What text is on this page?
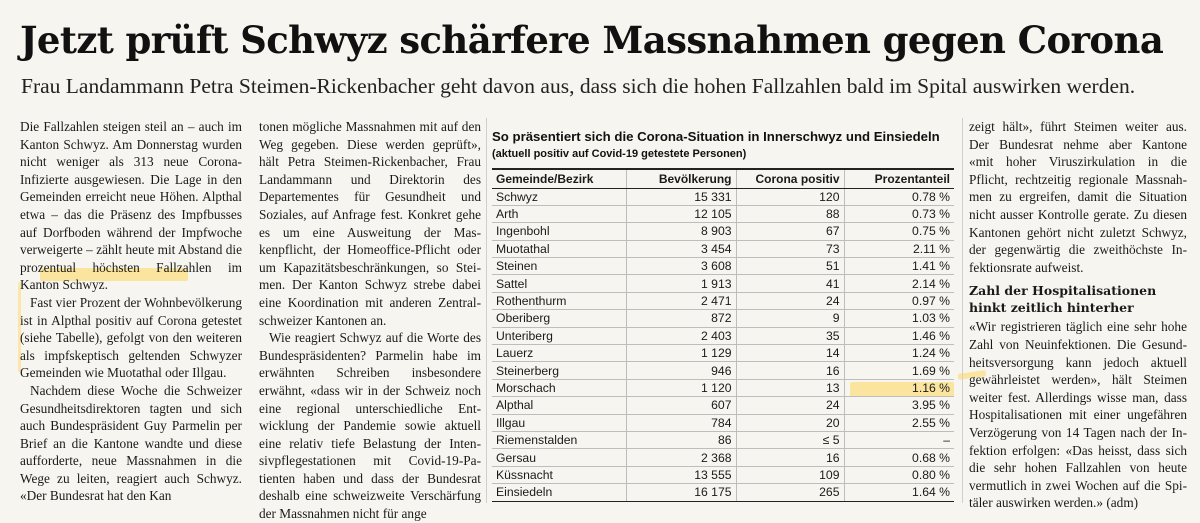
Jetzt prüft Schwyz schärfere Massnahmen gegen Corona
Frau Landammann Petra Steimen-Rickenbacher geht davon aus, dass sich die hohen Fallzahlen bald im Spital auswirken werden.

Die Fallzahlen steigen steil an – auch im Kanton Schwyz. Am Donnerstag wurden nicht weniger als 313 neue Corona-Infizierte ausgewiesen. Die Lage in den Gemeinden erreicht neue Höhen. Alpthal etwa – das die Präsenz des Impfbusses auf Dorfboden während der Impfwoche verweigerte – zählt heute mit Abstand die prozentual höchsten Fallzahlen im Kanton Schwyz.

Fast vier Prozent der Wohnbevölkerung ist in Alpthal positiv auf Corona getestet (siehe Tabelle), gefolgt von den weiteren als impfskeptisch geltenden Schwyzer Gemeinden wie Muotathal oder Illgau.

Nachdem diese Woche die Schweizer Gesundheitsdirektoren tagten und sich auch Bundespräsident Guy Parmelin per Brief an die Kantone wandte und diese aufforderte, neue Massnahmen in die Wege zu leiten, reagiert auch Schwyz. «Der Bundesrat hat den Kan

tonen mögliche Massnahmen mit auf den Weg gegeben. Diese werden geprüft», hält Petra Steimen-Rickenbacher, Frau Landammann und Direktorin des Departementes für Gesundheit und Soziales, auf Anfrage fest. Konkret gehe es um eine Ausweitung der Maskenpflicht, der Homeoffice-Pflicht oder um Kapazitätsbeschränkungen, so Steimen. Der Kanton Schwyz strebe dabei eine Koordination mit anderen Zentralschweizer Kantonen an.

Wie reagiert Schwyz auf die Worte des Bundespräsidenten? Parmelin habe im erwähnten Schreiben insbesondere erwähnt, «dass wir in der Schweiz noch eine regional unterschiedliche Entwicklung der Pandemie sowie aktuell eine relativ tiefe Belastung der Intensivpflegestationen mit Covid-19-Patienten haben und dass der Bundesrat deshalb eine schweizweite Verschärfung der Massnahmen nicht für ange

So präsentiert sich die Corona-Situation in Innerschwyz und Einsiedeln (aktuell positiv auf Covid-19 getestete Personen)
Gemeinde/Bezirk	Bevölkerung	Corona positiv	Prozentanteil
Schwyz	15 331	120	0.78 %
Arth	12 105	88	0.73 %
Ingenbohl	8 903	67	0.75 %
Muotathal	3 454	73	2.11 %
Steinen	3 608	51	1.41 %
Sattel	1 913	41	2.14 %
Rothenthurm	2 471	24	0.97 %
Oberiberg	872	9	1.03 %
Unteriberg	2 403	35	1.46 %
Lauerz	1 129	14	1.24 %
Steinerberg	946	16	1.69 %
Morschach	1 120	13	1.16 %
Alpthal	607	24	3.95 %
Illgau	784	20	2.55 %
Riemenstalden	86	≤ 5	–
Gersau	2 368	16	0.68 %
Küssnacht	13 555	109	0.80 %
Einsiedeln	16 175	265	1.64 %

zeigt hält», führt Steimen weiter aus. Der Bundesrat nehme aber Kantone «mit hoher Viruszirkulation in die Pflicht, rechtzeitig regionale Massnahmen zu ergreifen, damit die Situation nicht ausser Kontrolle gerate. Zu diesen Kantonen gehört nicht zuletzt Schwyz, der gegenwärtig die zweithöchste Infektionsrate aufweist.

Zahl der Hospitalisationen hinkt zeitlich hinterher

«Wir registrieren täglich eine sehr hohe Zahl von Neuinfektionen. Die Gesundheitsversorgung kann jedoch aktuell gewährleistet werden», hält Steimen weiter fest. Allerdings wisse man, dass Hospitalisationen mit einer ungefähren Verzögerung von 14 Tagen nach der Infektion erfolgen: «Das heisst, dass sich die sehr hohen Fallzahlen von heute vermutlich in zwei Wochen auf die Spitäler auswirken werden.» (adm)
